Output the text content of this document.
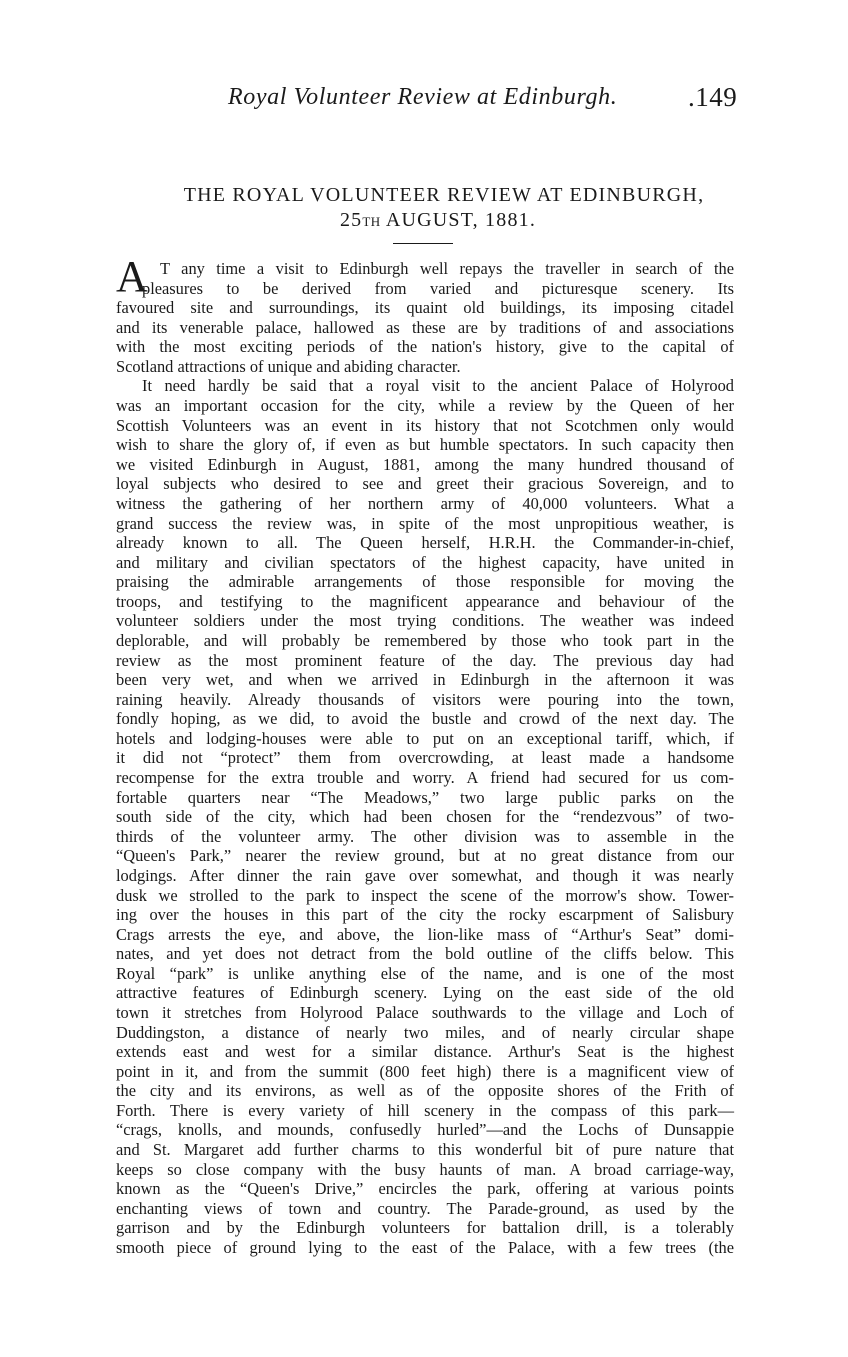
Royal Volunteer Review at Edinburgh.	.149
THE ROYAL VOLUNTEER REVIEW AT EDINBURGH,
25TH AUGUST, 1881.
A T any time a visit to Edinburgh well repays the traveller in search of the
pleasures to be derived from varied and picturesque scenery. Its
favoured site and surroundings, its quaint old buildings, its imposing citadel
and its venerable palace, hallowed as these are by traditions of and associations
with the most exciting periods of the nation's history, give to the capital of
Scotland attractions of unique and abiding character.
It need hardly be said that a royal visit to the ancient Palace of Holyrood
was an important occasion for the city, while a review by the Queen of her
Scottish Volunteers was an event in its history that not Scotchmen only would
wish to share the glory of, if even as but humble spectators. In such capacity then
we visited Edinburgh in August, 1881, among the many hundred thousand of
loyal subjects who desired to see and greet their gracious Sovereign, and to
witness the gathering of her northern army of 40,000 volunteers. What a
grand success the review was, in spite of the most unpropitious weather, is
already known to all. The Queen herself, H.R.H. the Commander-in-chief,
and military and civilian spectators of the highest capacity, have united in
praising the admirable arrangements of those responsible for moving the
troops, and testifying to the magnificent appearance and behaviour of the
volunteer soldiers under the most trying conditions. The weather was indeed
deplorable, and will probably be remembered by those who took part in the
review as the most prominent feature of the day. The previous day had
been very wet, and when we arrived in Edinburgh in the afternoon it was
raining heavily. Already thousands of visitors were pouring into the town,
fondly hoping, as we did, to avoid the bustle and crowd of the next day. The
hotels and lodging-houses were able to put on an exceptional tariff, which, if
it did not “protect” them from overcrowding, at least made a handsome
recompense for the extra trouble and worry. A friend had secured for us com-
fortable quarters near “The Meadows,” two large public parks on the
south side of the city, which had been chosen for the “rendezvous” of two-
thirds of the volunteer army. The other division was to assemble in the
“Queen's Park,” nearer the review ground, but at no great distance from our
lodgings. After dinner the rain gave over somewhat, and though it was nearly
dusk we strolled to the park to inspect the scene of the morrow's show. Tower-
ing over the houses in this part of the city the rocky escarpment of Salisbury
Crags arrests the eye, and above, the lion-like mass of “Arthur's Seat” domi-
nates, and yet does not detract from the bold outline of the cliffs below. This
Royal “park” is unlike anything else of the name, and is one of the most
attractive features of Edinburgh scenery. Lying on the east side of the old
town it stretches from Holyrood Palace southwards to the village and Loch of
Duddingston, a distance of nearly two miles, and of nearly circular shape
extends east and west for a similar distance. Arthur's Seat is the highest
point in it, and from the summit (800 feet high) there is a magnificent view of
the city and its environs, as well as of the opposite shores of the Frith of
Forth. There is every variety of hill scenery in the compass of this park—
“crags, knolls, and mounds, confusedly hurled”—and the Lochs of Dunsappie
and St. Margaret add further charms to this wonderful bit of pure nature that
keeps so close company with the busy haunts of man. A broad carriage-way,
known as the “Queen's Drive,” encircles the park, offering at various points
enchanting views of town and country. The Parade-ground, as used by the
garrison and by the Edinburgh volunteers for battalion drill, is a tolerably
smooth piece of ground lying to the east of the Palace, with a few trees (the
